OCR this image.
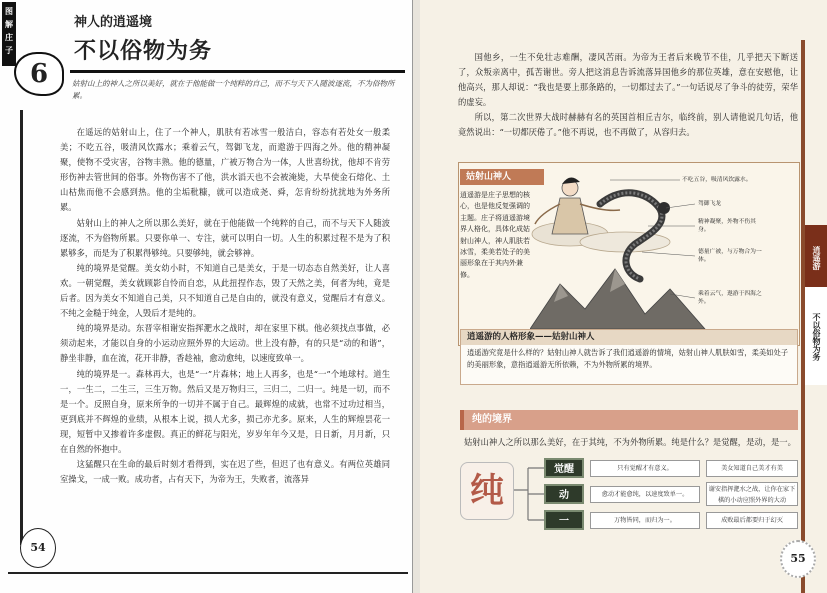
图解庄子
6
神人的逍遥境
不以俗物为务
姑射山上的神人之所以美好，就在于他能做一个纯粹的自己，而不与天下人随波逐流，不为俗物所累。

在遥远的姑射山上，住了一个神人，肌肤有若冰雪一般洁白，容态有若处女一般柔美；不吃五谷，吸清风饮露水；乘着云气，驾御飞龙，而遨游于四海之外。他的精神凝聚，使物不受灾害，谷物丰熟。他的德量，广被万物合为一体，人世喜纷扰，他却不肯劳形伤神去管世间的俗事。外物伤害不了他，洪水滔天也不会被淹毙，大旱使金石熔化、土山枯焦而他不会感到热。他的尘垢秕糠，就可以造成尧、舜，怎肯纷纷扰扰地为外务所累。

姑射山上的神人之所以那么美好，就在于他能做一个纯粹的自己，而不与天下人随波逐流，不为俗物所累。只要你单一、专注，就可以明白一切。人生的积累过程不是为了积累够多，而是为了积累得够纯。只要够纯，就会够神。

纯的境界是觉醒。美女幼小时，不知道自己是美女，于是一切态态自然美好，让人喜欢。一朝觉醒，美女就顾影自怜而自恋，从此扭捏作态，毁了天然之美，何者为纯，竟是后者。因为美女不知道自己美，只不知道自己是自由的，就没有意义，觉醒后才有意义。不纯之金糙于纯金，人毁后才是纯的。

纯的境界是动。东晋宰相谢安指挥淝水之战时，却在家里下棋。他必须找点事做，必须动起来，才能以自身的小运动应照外界的大运动。世上没有静，有的只是“动的和谐”，静坐非静，血在流，花开非静，香趁袖，愈动愈纯，以速度致单一。

纯的境界是一。森林再大，也是“一”片森林；地上人再多，也是“一”个地球村。道生一，一生二，二生三，三生万物。然后又是万物归三，三归二，二归一。纯是一切，而不是一个。反照自身，原来所争的一切并不属于自己。最辉煌的成就，也常不过功过相当，更到底并不辉煌的业绩，从根本上说，损人尤多，损己亦尤多。原来，人生的辉煌昙花一现，短暂中又掺着许多虚假。真正的鲜花与阳光，岁岁年年今又是，日日新，月月新，只在自然的怀抱中。

这猛醒只在生命的最后时刻才看得到，实在迟了些，但迟了也有意义。有两位英雄同室操戈，一成一败。成功者，占有天下，为帝为王，失败者，流落异

54

国他乡，一生不免壮志难酬，凄风苦雨。为帝为王者后来晚节不佳，几乎把天下断送了，众叛亲离中，孤苦谢世。旁人把这消息告诉流落异国他乡的那位英雄，意在安慰他，让他高兴，那人却说：“我也是要上那条路的，一切都过去了。”一句话说尽了争斗的徒劳，荣华的虚妄。

所以，第二次世界大战时赫赫有名的英国首相丘吉尔，临终前，别人请他说几句话，他竟然说出：“一切都厌倦了。”他不再说，也不再做了，从容归去。

逍遥游
不以俗物为务
姑射山神人
逍遥游是庄子思想的核心，也是他反复强调的主题。庄子将逍遥游境界人格化，具体化成姑射山神人，神人肌肤若冰雪，柔美若处子的美丽形象在于其内外兼修。
不吃五谷，吸清风饮露水。
驾御飞龙
精神凝聚，外物不伤其身。
德量广被，与万物合为一体。
乘着云气，遨游于四海之外。
逍遥游的人格形象——姑射山神人
逍遥游究竟是什么样的？姑射山神人就告诉了我们逍遥游的情境，姑射山神人肌肤如雪，柔美如处子的美丽形象，意指逍遥游无所依赖，不为外物所累的境界。
纯的境界
姑射山神人之所以那么美好，在于其纯，不为外物所累。纯是什么？是觉醒，是动，是一。
纯
觉醒
动
一
只有觉醒才有意义。
愈动才能愈纯，以速度致单一。
万物皆同，而归为一。
美女知道自己美才有美
谢安指挥淝水之战，让你在家下棋的小动应照外界的大动
成败最后都要归于幻灭
55
